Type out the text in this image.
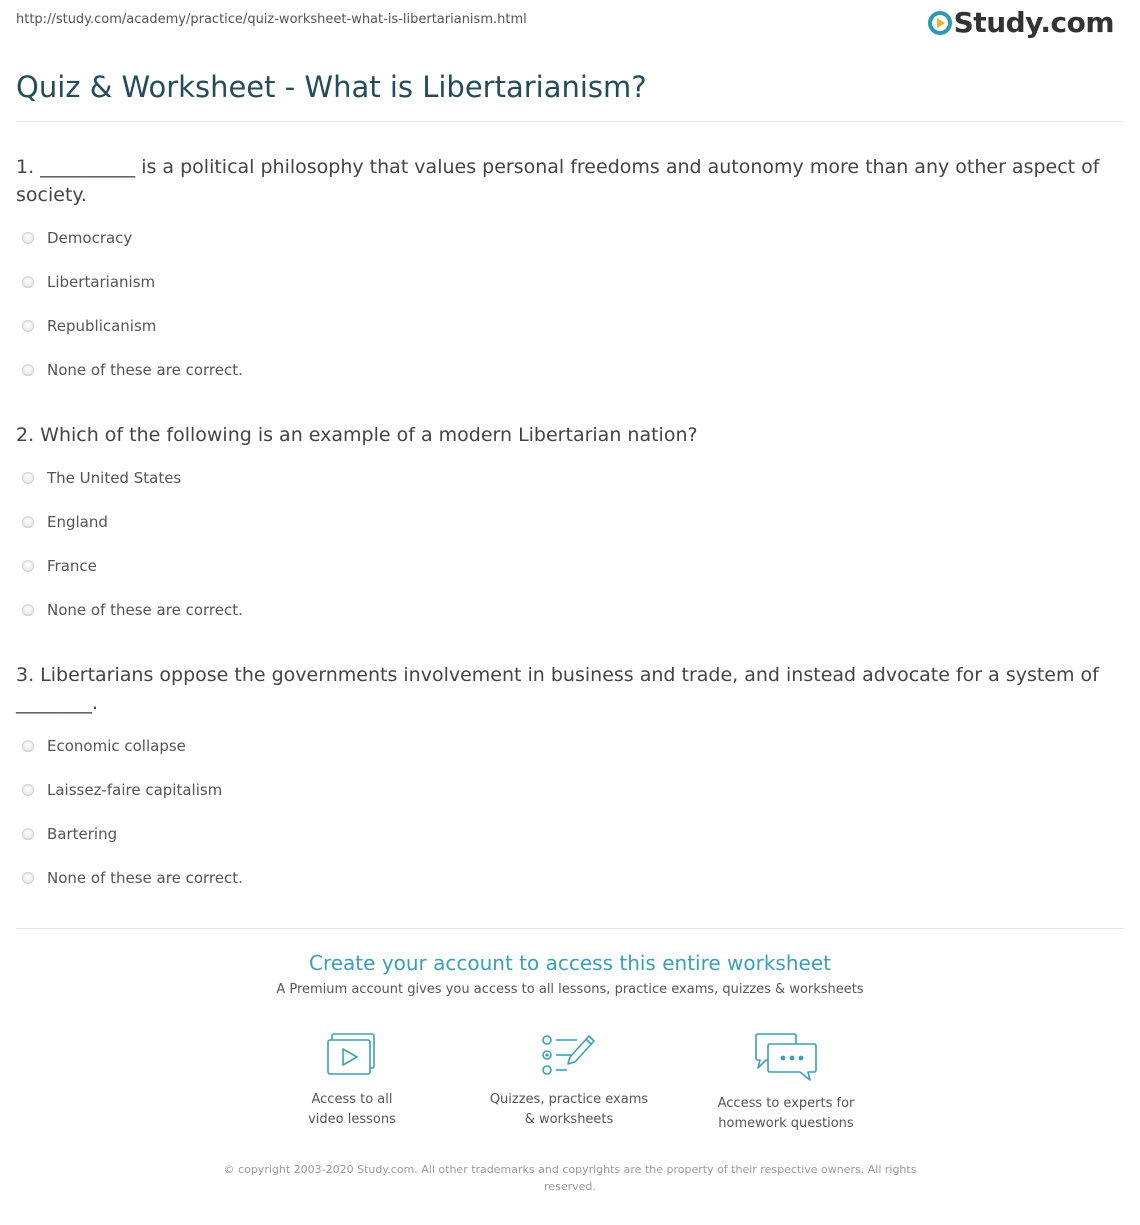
http://study.com/academy/practice/quiz-worksheet-what-is-libertarianism.html	Study.com
Quiz & Worksheet - What is Libertarianism?
1. __________ is a political philosophy that values personal freedoms and autonomy more than any other aspect of society.
Democracy
Libertarianism
Republicanism
None of these are correct.
2. Which of the following is an example of a modern Libertarian nation?
The United States
England
France
None of these are correct.
3. Libertarians oppose the governments involvement in business and trade, and instead advocate for a system of ________.
Economic collapse
Laissez-faire capitalism
Bartering
None of these are correct.
Create your account to access this entire worksheet
A Premium account gives you access to all lessons, practice exams, quizzes & worksheets
Access to all
video lessons
Quizzes, practice exams
& worksheets
Access to experts for
homework questions
© copyright 2003-2020 Study.com. All other trademarks and copyrights are the property of their respective owners. All rights reserved.
